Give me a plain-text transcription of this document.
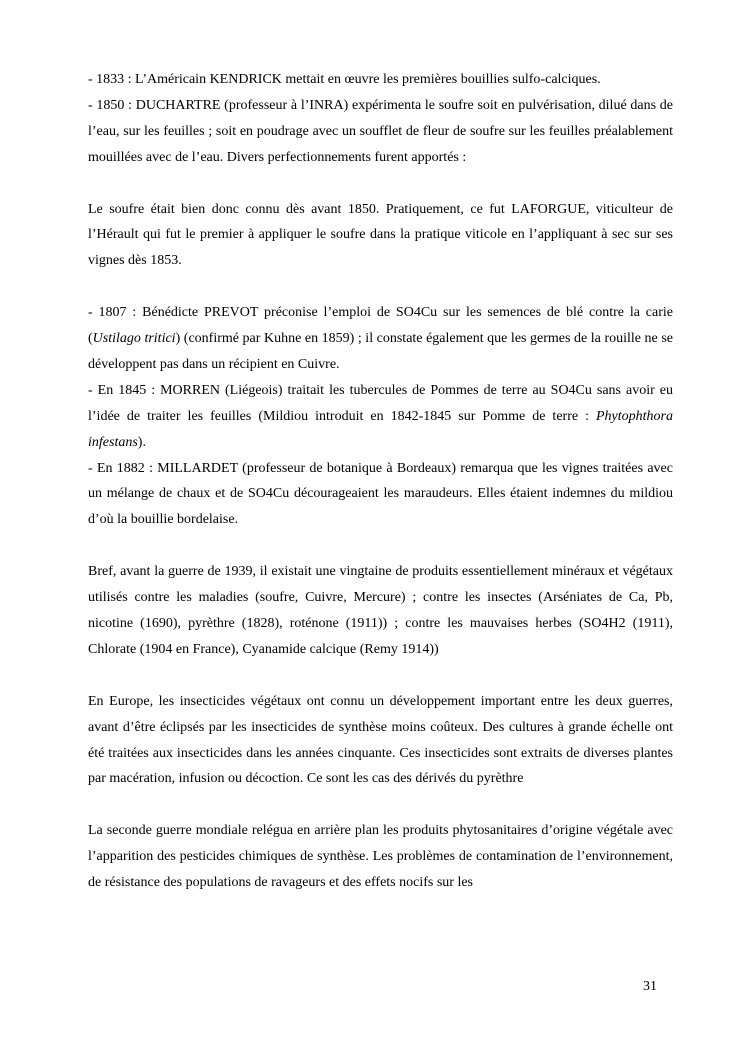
- 1833 : L’Américain KENDRICK mettait en œuvre les premières bouillies sulfo-calciques.

- 1850 : DUCHARTRE (professeur à l’INRA) expérimenta le soufre soit en pulvérisation, dilué dans de l’eau, sur les feuilles ; soit en poudrage avec un soufflet de fleur de soufre sur les feuilles préalablement mouillées avec de l’eau. Divers perfectionnements furent apportés :

Le soufre était bien donc connu dès avant 1850. Pratiquement, ce fut LAFORGUE, viticulteur de l’Hérault qui fut le premier à appliquer le soufre dans la pratique viticole en l’appliquant à sec sur ses vignes dès 1853.

- 1807 : Bénédicte PREVOT préconise l’emploi de SO4Cu sur les semences de blé contre la carie (Ustilago tritici) (confirmé par Kuhne en 1859) ; il constate également que les germes de la rouille ne se développent pas dans un récipient en Cuivre.

- En 1845 : MORREN (Liégeois) traitait les tubercules de Pommes de terre au SO4Cu sans avoir eu l’idée de traiter les feuilles (Mildiou introduit en 1842-1845 sur Pomme de terre : Phytophthora infestans).

- En 1882 : MILLARDET (professeur de botanique à Bordeaux) remarqua que les vignes traitées avec un mélange de chaux et de SO4Cu décourageaient les maraudeurs. Elles étaient indemnes du mildiou d’où la bouillie bordelaise.

Bref, avant la guerre de 1939, il existait une vingtaine de produits essentiellement minéraux et végétaux utilisés contre les maladies (soufre, Cuivre, Mercure) ; contre les insectes (Arséniates de Ca, Pb, nicotine (1690), pyrèthre (1828), roténone (1911)) ; contre les mauvaises herbes (SO4H2 (1911), Chlorate (1904 en France), Cyanamide calcique (Remy 1914))

En Europe, les insecticides végétaux ont connu un développement important entre les deux guerres, avant d’être éclipsés par les insecticides de synthèse moins coûteux. Des cultures à grande échelle ont été traitées aux insecticides dans les années cinquante. Ces insecticides sont extraits de diverses plantes par macération, infusion ou décoction. Ce sont les cas des dérivés du pyrèthre

La seconde guerre mondiale relégua en arrière plan les produits phytosanitaires d’origine végétale avec l’apparition des pesticides chimiques de synthèse. Les problèmes de contamination de l’environnement, de résistance des populations de ravageurs et des effets nocifs sur les

31
